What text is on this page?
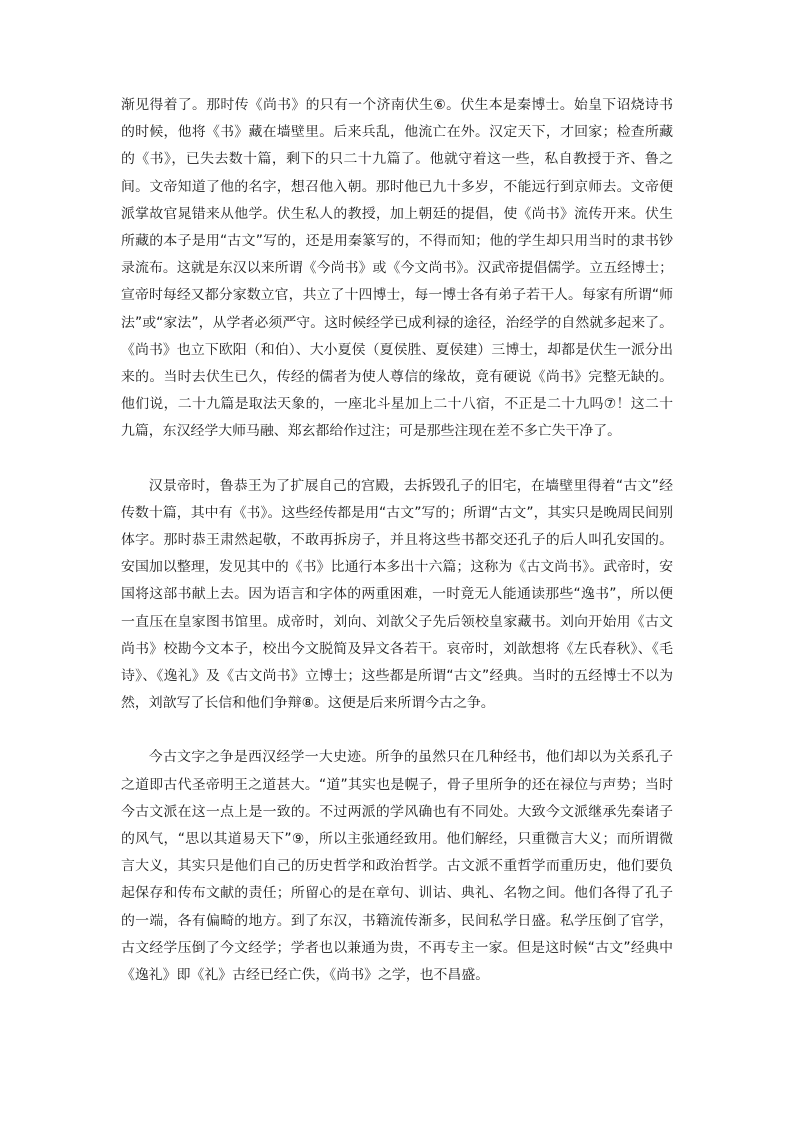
渐见得着了。那时传《尚书》的只有一个济南伏生⑥。伏生本是秦博士。始皇下诏烧诗书的时候，他将《书》藏在墙壁里。后来兵乱，他流亡在外。汉定天下，才回家；检查所藏的《书》，已失去数十篇，剩下的只二十九篇了。他就守着这一些，私自教授于齐、鲁之间。文帝知道了他的名字，想召他入朝。那时他已九十多岁，不能远行到京师去。文帝便派掌故官晁错来从他学。伏生私人的教授，加上朝廷的提倡，使《尚书》流传开来。伏生所藏的本子是用“古文”写的，还是用秦篆写的，不得而知；他的学生却只用当时的隶书钞录流布。这就是东汉以来所谓《今尚书》或《今文尚书》。汉武帝提倡儒学。立五经博士；宣帝时每经又都分家数立官，共立了十四博士，每一博士各有弟子若干人。每家有所谓“师法”或“家法”，从学者必须严守。这时候经学已成利禄的途径，治经学的自然就多起来了。《尚书》也立下欧阳（和伯）、大小夏侯（夏侯胜、夏侯建）三博士，却都是伏生一派分出来的。当时去伏生已久，传经的儒者为使人尊信的缘故，竟有硬说《尚书》完整无缺的。他们说，二十九篇是取法天象的，一座北斗星加上二十八宿，不正是二十九吗⑦！这二十九篇，东汉经学大师马融、郑玄都给作过注；可是那些注现在差不多亡失干净了。

汉景帝时，鲁恭王为了扩展自己的宫殿，去拆毁孔子的旧宅，在墙壁里得着“古文”经传数十篇，其中有《书》。这些经传都是用“古文”写的；所谓“古文”，其实只是晚周民间别体字。那时恭王肃然起敬，不敢再拆房子，并且将这些书都交还孔子的后人叫孔安国的。安国加以整理，发见其中的《书》比通行本多出十六篇；这称为《古文尚书》。武帝时，安国将这部书献上去。因为语言和字体的两重困难，一时竟无人能通读那些“逸书”，所以便一直压在皇家图书馆里。成帝时，刘向、刘歆父子先后领校皇家藏书。刘向开始用《古文尚书》校勘今文本子，校出今文脱简及异文各若干。哀帝时，刘歆想将《左氏春秋》、《毛诗》、《逸礼》及《古文尚书》立博士；这些都是所谓“古文”经典。当时的五经博士不以为然，刘歆写了长信和他们争辩⑧。这便是后来所谓今古之争。

今古文字之争是西汉经学一大史迹。所争的虽然只在几种经书，他们却以为关系孔子之道即古代圣帝明王之道甚大。“道”其实也是幌子，骨子里所争的还在禄位与声势；当时今古文派在这一点上是一致的。不过两派的学风确也有不同处。大致今文派继承先秦诸子的风气，“思以其道易天下”⑨，所以主张通经致用。他们解经，只重微言大义；而所谓微言大义，其实只是他们自己的历史哲学和政治哲学。古文派不重哲学而重历史，他们要负起保存和传布文献的责任；所留心的是在章句、训诂、典礼、名物之间。他们各得了孔子的一端，各有偏畸的地方。到了东汉，书籍流传渐多，民间私学日盛。私学压倒了官学，古文经学压倒了今文经学；学者也以兼通为贵，不再专主一家。但是这时候“古文”经典中《逸礼》即《礼》古经已经亡佚，《尚书》之学，也不昌盛。
